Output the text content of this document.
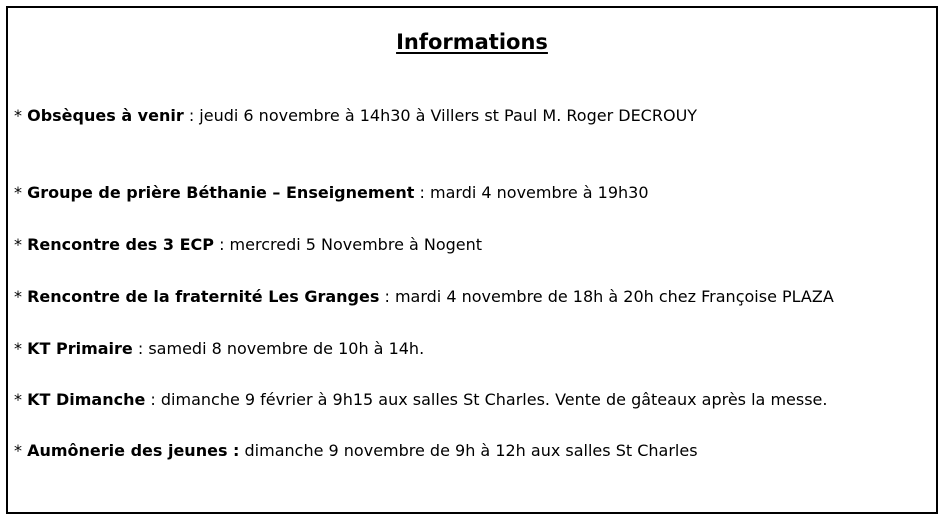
Informations
* Obsèques à venir : jeudi 6 novembre à 14h30 à Villers st Paul M. Roger DECROUY
* Groupe de prière Béthanie – Enseignement : mardi 4 novembre à 19h30
* Rencontre des 3 ECP : mercredi 5 Novembre à Nogent
* Rencontre de la fraternité Les Granges : mardi 4 novembre de 18h à 20h chez Françoise PLAZA
* KT Primaire : samedi 8 novembre de 10h à 14h.
* KT Dimanche : dimanche 9 février à 9h15 aux salles St Charles. Vente de gâteaux après la messe.
* Aumônerie des jeunes : dimanche 9 novembre de 9h à 12h aux salles St Charles
